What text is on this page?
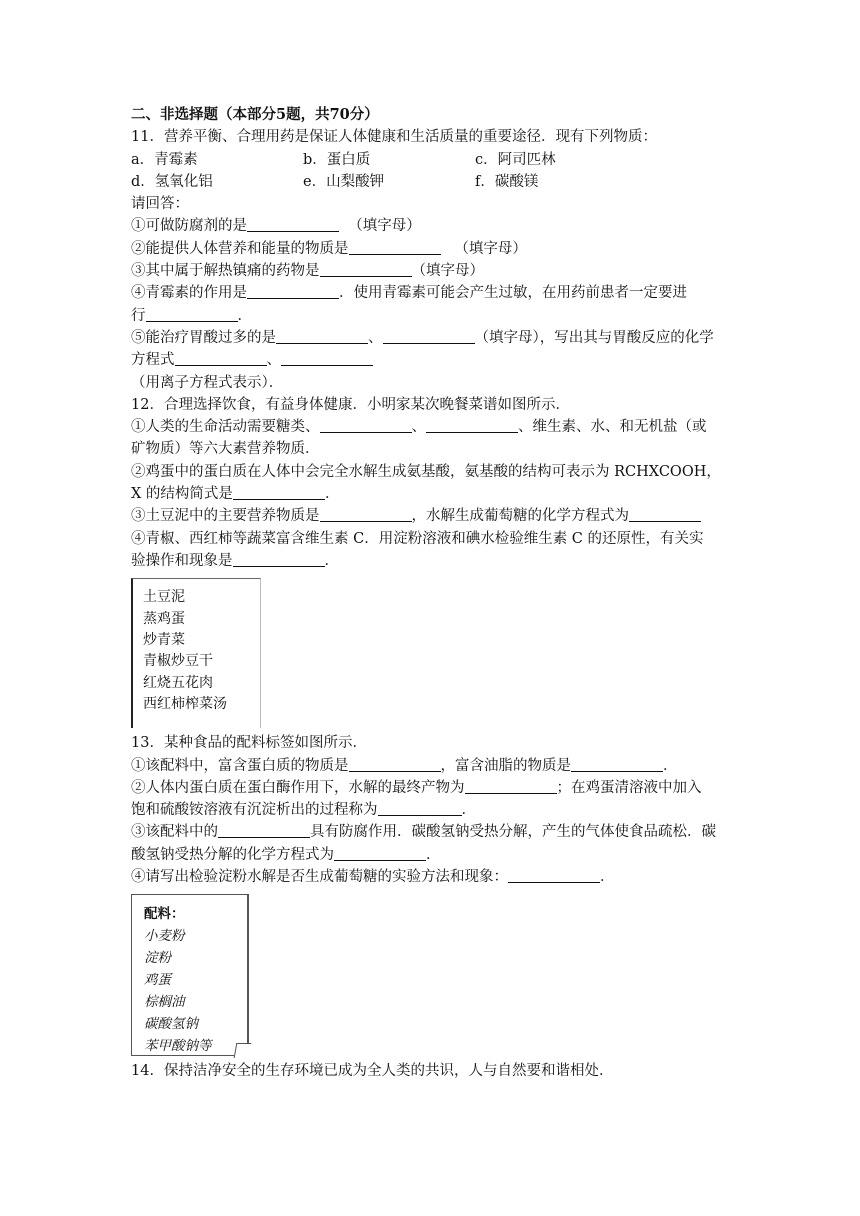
二、非选择题（本部分5题，共70分）
11．营养平衡、合理用药是保证人体健康和生活质量的重要途径．现有下列物质：
a．青霉素	b．蛋白质	c．阿司匹林
d．氢氧化铝	e．山梨酸钾	f．碳酸镁
请回答：
①可做防腐剂的是	（填字母）
②能提供人体营养和能量的物质是	（填字母）
③其中属于解热镇痛的药物是	（填字母）
④青霉素的作用是	．使用青霉素可能会产生过敏，在用药前患者一定要进
行	．
⑤能治疗胃酸过多的是	、	（填字母），写出其与胃酸反应的化学
方程式	、
（用离子方程式表示）．
12．合理选择饮食，有益身体健康．小明家某次晚餐菜谱如图所示．
①人类的生命活动需要糖类、	、	、维生素、水、和无机盐（或
矿物质）等六大素营养物质．
②鸡蛋中的蛋白质在人体中会完全水解生成氨基酸，氨基酸的结构可表示为 RCHXCOOH，
X 的结构简式是	．
③土豆泥中的主要营养物质是	，水解生成葡萄糖的化学方程式为
④青椒、西红柿等蔬菜富含维生素 C．用淀粉溶液和碘水检验维生素 C 的还原性，有关实
验操作和现象是	．
土豆泥
蒸鸡蛋
炒青菜
青椒炒豆干
红烧五花肉
西红柿榨菜汤
13．某种食品的配料标签如图所示．
①该配料中，富含蛋白质的物质是	，富含油脂的物质是	．
②人体内蛋白质在蛋白酶作用下，水解的最终产物为	；在鸡蛋清溶液中加入
饱和硫酸铵溶液有沉淀析出的过程称为	．
③该配料中的	具有防腐作用．碳酸氢钠受热分解，产生的气体使食品疏松．碳
酸氢钠受热分解的化学方程式为	．
④请写出检验淀粉水解是否生成葡萄糖的实验方法和现象：	．
配料：
小麦粉
淀粉
鸡蛋
棕榈油
碳酸氢钠
苯甲酸钠等
14．保持洁净安全的生存环境已成为全人类的共识，人与自然要和谐相处．
